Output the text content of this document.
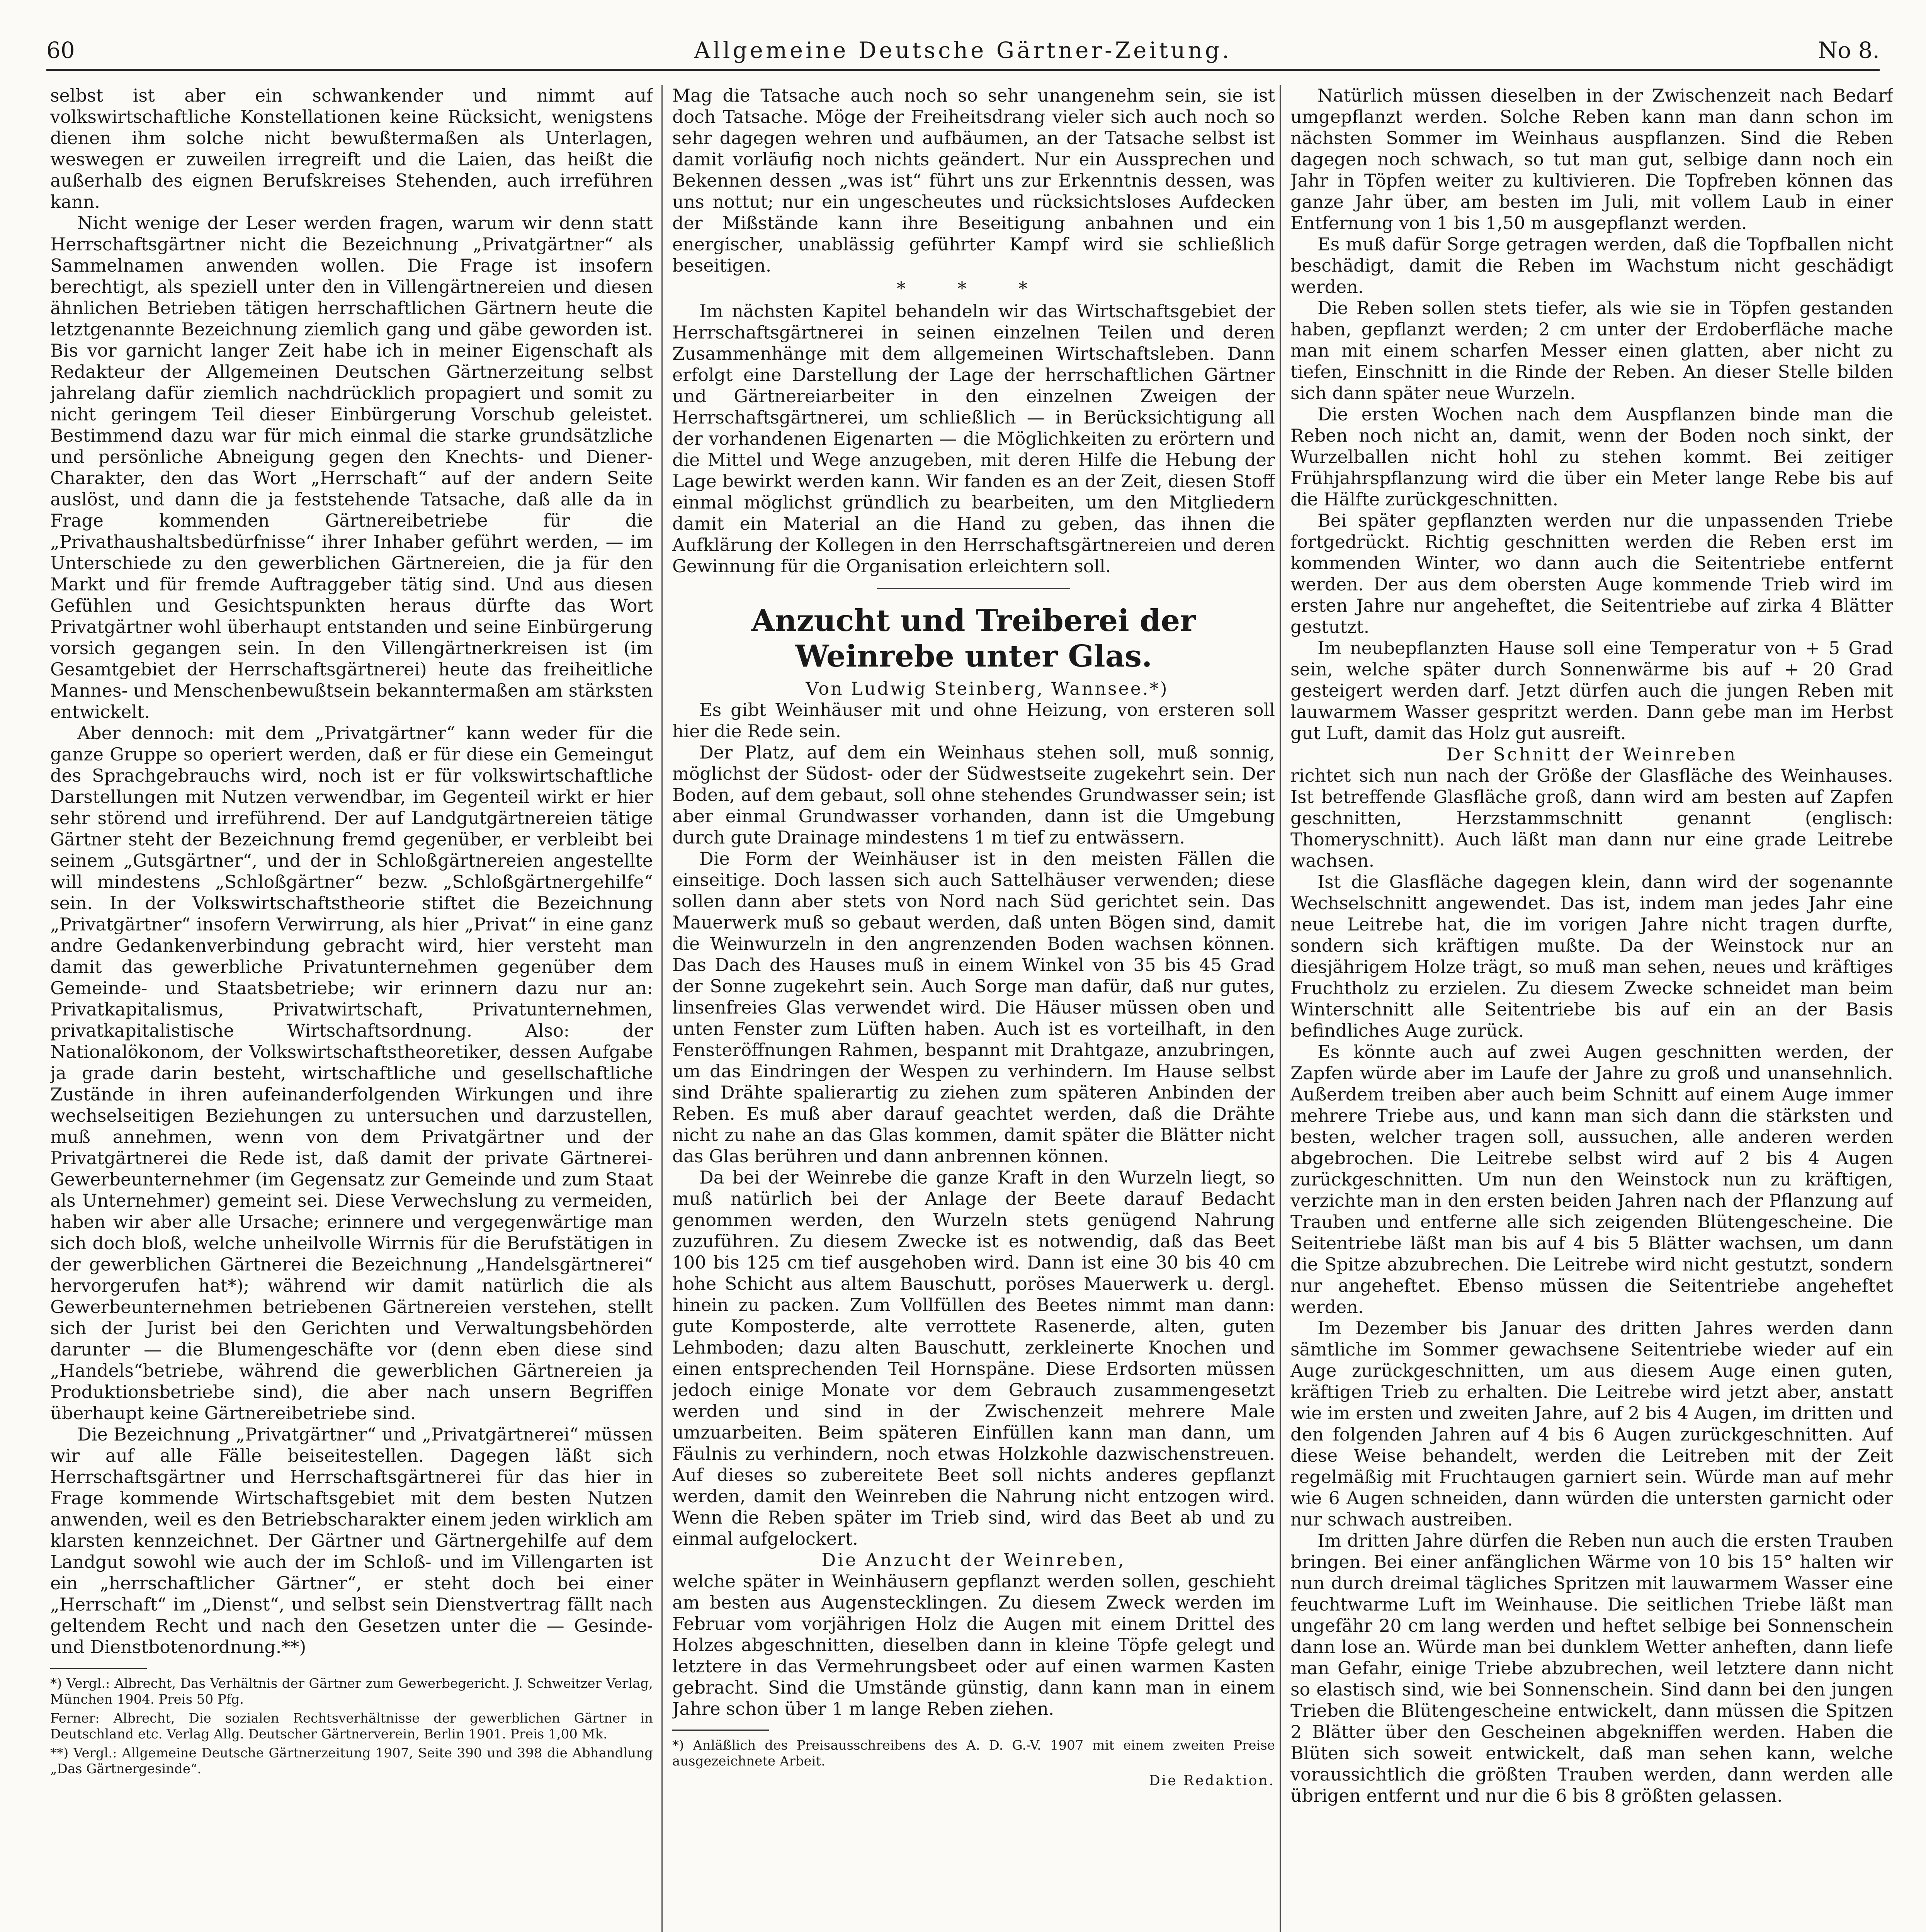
60	Allgemeine Deutsche Gärtner-Zeitung.	No 8.

selbst ist aber ein schwankender und nimmt auf volkswirtschaftliche Konstellationen keine Rücksicht, wenigstens dienen ihm solche nicht bewußtermaßen als Unterlagen, weswegen er zuweilen irregreift und die Laien, das heißt die außerhalb des eignen Berufskreises Stehenden, auch irreführen kann.

Nicht wenige der Leser werden fragen, warum wir denn statt Herrschaftsgärtner nicht die Bezeichnung „Privatgärtner“ als Sammelnamen anwenden wollen. Die Frage ist insofern berechtigt, als speziell unter den in Villengärtnereien und diesen ähnlichen Betrieben tätigen herrschaftlichen Gärtnern heute die letztgenannte Bezeichnung ziemlich gang und gäbe geworden ist. Bis vor garnicht langer Zeit habe ich in meiner Eigenschaft als Redakteur der Allgemeinen Deutschen Gärtnerzeitung selbst jahrelang dafür ziemlich nachdrücklich propagiert und somit zu nicht geringem Teil dieser Einbürgerung Vorschub geleistet. Bestimmend dazu war für mich einmal die starke grundsätzliche und persönliche Abneigung gegen den Knechts- und Diener-Charakter, den das Wort „Herrschaft“ auf der andern Seite auslöst, und dann die ja feststehende Tatsache, daß alle da in Frage kommenden Gärtnereibetriebe für die „Privathaushaltsbedürfnisse“ ihrer Inhaber geführt werden, — im Unterschiede zu den gewerblichen Gärtnereien, die ja für den Markt und für fremde Auftraggeber tätig sind. Und aus diesen Gefühlen und Gesichtspunkten heraus dürfte das Wort Privatgärtner wohl überhaupt entstanden und seine Einbürgerung vorsich gegangen sein. In den Villengärtnerkreisen ist (im Gesamtgebiet der Herrschaftsgärtnerei) heute das freiheitliche Mannes- und Menschenbewußtsein bekanntermaßen am stärksten entwickelt.

Aber dennoch: mit dem „Privatgärtner“ kann weder für die ganze Gruppe so operiert werden, daß er für diese ein Gemeingut des Sprachgebrauchs wird, noch ist er für volkswirtschaftliche Darstellungen mit Nutzen verwendbar, im Gegenteil wirkt er hier sehr störend und irreführend. Der auf Landgutgärtnereien tätige Gärtner steht der Bezeichnung fremd gegenüber, er verbleibt bei seinem „Gutsgärtner“, und der in Schloßgärtnereien angestellte will mindestens „Schloßgärtner“ bezw. „Schloßgärtnergehilfe“ sein. In der Volkswirtschaftstheorie stiftet die Bezeichnung „Privatgärtner“ insofern Verwirrung, als hier „Privat“ in eine ganz andre Gedankenverbindung gebracht wird, hier versteht man damit das gewerbliche Privatunternehmen gegenüber dem Gemeinde- und Staatsbetriebe; wir erinnern dazu nur an: Privatkapitalismus, Privatwirtschaft, Privatunternehmen, privatkapitalistische Wirtschaftsordnung. Also: der Nationalökonom, der Volkswirtschaftstheoretiker, dessen Aufgabe ja grade darin besteht, wirtschaftliche und gesellschaftliche Zustände in ihren aufeinanderfolgenden Wirkungen und ihre wechselseitigen Beziehungen zu untersuchen und darzustellen, muß annehmen, wenn von dem Privatgärtner und der Privatgärtnerei die Rede ist, daß damit der private Gärtnerei-Gewerbeunternehmer (im Gegensatz zur Gemeinde und zum Staat als Unternehmer) gemeint sei. Diese Verwechslung zu vermeiden, haben wir aber alle Ursache; erinnere und vergegenwärtige man sich doch bloß, welche unheilvolle Wirrnis für die Berufstätigen in der gewerblichen Gärtnerei die Bezeichnung „Handelsgärtnerei“ hervorgerufen hat*); während wir damit natürlich die als Gewerbeunternehmen betriebenen Gärtnereien verstehen, stellt sich der Jurist bei den Gerichten und Verwaltungsbehörden darunter — die Blumengeschäfte vor (denn eben diese sind „Handels“betriebe, während die gewerblichen Gärtnereien ja Produktionsbetriebe sind), die aber nach unsern Begriffen überhaupt keine Gärtnereibetriebe sind.

Die Bezeichnung „Privatgärtner“ und „Privatgärtnerei“ müssen wir auf alle Fälle beiseitestellen. Dagegen läßt sich Herrschaftsgärtner und Herrschaftsgärtnerei für das hier in Frage kommende Wirtschaftsgebiet mit dem besten Nutzen anwenden, weil es den Betriebscharakter einem jeden wirklich am klarsten kennzeichnet. Der Gärtner und Gärtnergehilfe auf dem Landgut sowohl wie auch der im Schloß- und im Villengarten ist ein „herrschaftlicher Gärtner“, er steht doch bei einer „Herrschaft“ im „Dienst“, und selbst sein Dienstvertrag fällt nach geltendem Recht und nach den Gesetzen unter die — Gesinde- und Dienstbotenordnung.**)

*) Vergl.: Albrecht, Das Verhältnis der Gärtner zum Gewerbegericht. J. Schweitzer Verlag, München 1904. Preis 50 Pfg.

Ferner: Albrecht, Die sozialen Rechtsverhältnisse der gewerblichen Gärtner in Deutschland etc. Verlag Allg. Deutscher Gärtnerverein, Berlin 1901. Preis 1,00 Mk.

**) Vergl.: Allgemeine Deutsche Gärtnerzeitung 1907, Seite 390 und 398 die Abhandlung „Das Gärtnergesinde“.

Mag die Tatsache auch noch so sehr unangenehm sein, sie ist doch Tatsache. Möge der Freiheitsdrang vieler sich auch noch so sehr dagegen wehren und aufbäumen, an der Tatsache selbst ist damit vorläufig noch nichts geändert. Nur ein Aussprechen und Bekennen dessen „was ist“ führt uns zur Erkenntnis dessen, was uns nottut; nur ein ungescheutes und rücksichtsloses Aufdecken der Mißstände kann ihre Beseitigung anbahnen und ein energischer, unablässig geführter Kampf wird sie schließlich beseitigen.

* * *

Im nächsten Kapitel behandeln wir das Wirtschaftsgebiet der Herrschaftsgärtnerei in seinen einzelnen Teilen und deren Zusammenhänge mit dem allgemeinen Wirtschaftsleben. Dann erfolgt eine Darstellung der Lage der herrschaftlichen Gärtner und Gärtnereiarbeiter in den einzelnen Zweigen der Herrschaftsgärtnerei, um schließlich — in Berücksichtigung all der vorhandenen Eigenarten — die Möglichkeiten zu erörtern und die Mittel und Wege anzugeben, mit deren Hilfe die Hebung der Lage bewirkt werden kann. Wir fanden es an der Zeit, diesen Stoff einmal möglichst gründlich zu bearbeiten, um den Mitgliedern damit ein Material an die Hand zu geben, das ihnen die Aufklärung der Kollegen in den Herrschaftsgärtnereien und deren Gewinnung für die Organisation erleichtern soll.

Anzucht und Treiberei der Weinrebe unter Glas.

Von Ludwig Steinberg, Wannsee.*)

Es gibt Weinhäuser mit und ohne Heizung, von ersteren soll hier die Rede sein.

Der Platz, auf dem ein Weinhaus stehen soll, muß sonnig, möglichst der Südost- oder der Südwestseite zugekehrt sein. Der Boden, auf dem gebaut, soll ohne stehendes Grundwasser sein; ist aber einmal Grundwasser vorhanden, dann ist die Umgebung durch gute Drainage mindestens 1 m tief zu entwässern.

Die Form der Weinhäuser ist in den meisten Fällen die einseitige. Doch lassen sich auch Sattelhäuser verwenden; diese sollen dann aber stets von Nord nach Süd gerichtet sein. Das Mauerwerk muß so gebaut werden, daß unten Bögen sind, damit die Weinwurzeln in den angrenzenden Boden wachsen können. Das Dach des Hauses muß in einem Winkel von 35 bis 45 Grad der Sonne zugekehrt sein. Auch Sorge man dafür, daß nur gutes, linsenfreies Glas verwendet wird. Die Häuser müssen oben und unten Fenster zum Lüften haben. Auch ist es vorteilhaft, in den Fensteröffnungen Rahmen, bespannt mit Drahtgaze, anzubringen, um das Eindringen der Wespen zu verhindern. Im Hause selbst sind Drähte spalierartig zu ziehen zum späteren Anbinden der Reben. Es muß aber darauf geachtet werden, daß die Drähte nicht zu nahe an das Glas kommen, damit später die Blätter nicht das Glas berühren und dann anbrennen können.

Da bei der Weinrebe die ganze Kraft in den Wurzeln liegt, so muß natürlich bei der Anlage der Beete darauf Bedacht genommen werden, den Wurzeln stets genügend Nahrung zuzuführen. Zu diesem Zwecke ist es notwendig, daß das Beet 100 bis 125 cm tief ausgehoben wird. Dann ist eine 30 bis 40 cm hohe Schicht aus altem Bauschutt, poröses Mauerwerk u. dergl. hinein zu packen. Zum Vollfüllen des Beetes nimmt man dann: gute Komposterde, alte verrottete Rasenerde, alten, guten Lehmboden; dazu alten Bauschutt, zerkleinerte Knochen und einen entsprechenden Teil Hornspäne. Diese Erdsorten müssen jedoch einige Monate vor dem Gebrauch zusammengesetzt werden und sind in der Zwischenzeit mehrere Male umzuarbeiten. Beim späteren Einfüllen kann man dann, um Fäulnis zu verhindern, noch etwas Holzkohle dazwischenstreuen. Auf dieses so zubereitete Beet soll nichts anderes gepflanzt werden, damit den Weinreben die Nahrung nicht entzogen wird. Wenn die Reben später im Trieb sind, wird das Beet ab und zu einmal aufgelockert.

Die Anzucht der Weinreben,

welche später in Weinhäusern gepflanzt werden sollen, geschieht am besten aus Augenstecklingen. Zu diesem Zweck werden im Februar vom vorjährigen Holz die Augen mit einem Drittel des Holzes abgeschnitten, dieselben dann in kleine Töpfe gelegt und letztere in das Vermehrungsbeet oder auf einen warmen Kasten gebracht. Sind die Umstände günstig, dann kann man in einem Jahre schon über 1 m lange Reben ziehen.

*) Anläßlich des Preisausschreibens des A. D. G.-V. 1907 mit einem zweiten Preise ausgezeichnete Arbeit.

Die Redaktion.

Natürlich müssen dieselben in der Zwischenzeit nach Bedarf umgepflanzt werden. Solche Reben kann man dann schon im nächsten Sommer im Weinhaus auspflanzen. Sind die Reben dagegen noch schwach, so tut man gut, selbige dann noch ein Jahr in Töpfen weiter zu kultivieren. Die Topfreben können das ganze Jahr über, am besten im Juli, mit vollem Laub in einer Entfernung von 1 bis 1,50 m ausgepflanzt werden.

Es muß dafür Sorge getragen werden, daß die Topfballen nicht beschädigt, damit die Reben im Wachstum nicht geschädigt werden.

Die Reben sollen stets tiefer, als wie sie in Töpfen gestanden haben, gepflanzt werden; 2 cm unter der Erdoberfläche mache man mit einem scharfen Messer einen glatten, aber nicht zu tiefen, Einschnitt in die Rinde der Reben. An dieser Stelle bilden sich dann später neue Wurzeln.

Die ersten Wochen nach dem Auspflanzen binde man die Reben noch nicht an, damit, wenn der Boden noch sinkt, der Wurzelballen nicht hohl zu stehen kommt. Bei zeitiger Frühjahrspflanzung wird die über ein Meter lange Rebe bis auf die Hälfte zurückgeschnitten.

Bei später gepflanzten werden nur die unpassenden Triebe fortgedrückt. Richtig geschnitten werden die Reben erst im kommenden Winter, wo dann auch die Seitentriebe entfernt werden. Der aus dem obersten Auge kommende Trieb wird im ersten Jahre nur angeheftet, die Seitentriebe auf zirka 4 Blätter gestutzt.

Im neubepflanzten Hause soll eine Temperatur von + 5 Grad sein, welche später durch Sonnenwärme bis auf + 20 Grad gesteigert werden darf. Jetzt dürfen auch die jungen Reben mit lauwarmem Wasser gespritzt werden. Dann gebe man im Herbst gut Luft, damit das Holz gut ausreift.

Der Schnitt der Weinreben

richtet sich nun nach der Größe der Glasfläche des Weinhauses. Ist betreffende Glasfläche groß, dann wird am besten auf Zapfen geschnitten, Herzstammschnitt genannt (englisch: Thomeryschnitt). Auch läßt man dann nur eine grade Leitrebe wachsen.

Ist die Glasfläche dagegen klein, dann wird der sogenannte Wechselschnitt angewendet. Das ist, indem man jedes Jahr eine neue Leitrebe hat, die im vorigen Jahre nicht tragen durfte, sondern sich kräftigen mußte. Da der Weinstock nur an diesjährigem Holze trägt, so muß man sehen, neues und kräftiges Fruchtholz zu erzielen. Zu diesem Zwecke schneidet man beim Winterschnitt alle Seitentriebe bis auf ein an der Basis befindliches Auge zurück.

Es könnte auch auf zwei Augen geschnitten werden, der Zapfen würde aber im Laufe der Jahre zu groß und unansehnlich. Außerdem treiben aber auch beim Schnitt auf einem Auge immer mehrere Triebe aus, und kann man sich dann die stärksten und besten, welcher tragen soll, aussuchen, alle anderen werden abgebrochen. Die Leitrebe selbst wird auf 2 bis 4 Augen zurückgeschnitten. Um nun den Weinstock nun zu kräftigen, verzichte man in den ersten beiden Jahren nach der Pflanzung auf Trauben und entferne alle sich zeigenden Blütengescheine. Die Seitentriebe läßt man bis auf 4 bis 5 Blätter wachsen, um dann die Spitze abzubrechen. Die Leitrebe wird nicht gestutzt, sondern nur angeheftet. Ebenso müssen die Seitentriebe angeheftet werden.

Im Dezember bis Januar des dritten Jahres werden dann sämtliche im Sommer gewachsene Seitentriebe wieder auf ein Auge zurückgeschnitten, um aus diesem Auge einen guten, kräftigen Trieb zu erhalten. Die Leitrebe wird jetzt aber, anstatt wie im ersten und zweiten Jahre, auf 2 bis 4 Augen, im dritten und den folgenden Jahren auf 4 bis 6 Augen zurückgeschnitten. Auf diese Weise behandelt, werden die Leitreben mit der Zeit regelmäßig mit Fruchtaugen garniert sein. Würde man auf mehr wie 6 Augen schneiden, dann würden die untersten garnicht oder nur schwach austreiben.

Im dritten Jahre dürfen die Reben nun auch die ersten Trauben bringen. Bei einer anfänglichen Wärme von 10 bis 15° halten wir nun durch dreimal tägliches Spritzen mit lauwarmem Wasser eine feuchtwarme Luft im Weinhause. Die seitlichen Triebe läßt man ungefähr 20 cm lang werden und heftet selbige bei Sonnenschein dann lose an. Würde man bei dunklem Wetter anheften, dann liefe man Gefahr, einige Triebe abzubrechen, weil letztere dann nicht so elastisch sind, wie bei Sonnenschein. Sind dann bei den jungen Trieben die Blütengescheine entwickelt, dann müssen die Spitzen 2 Blätter über den Gescheinen abgekniffen werden. Haben die Blüten sich soweit entwickelt, daß man sehen kann, welche voraussichtlich die größten Trauben werden, dann werden alle übrigen entfernt und nur die 6 bis 8 größten gelassen.
